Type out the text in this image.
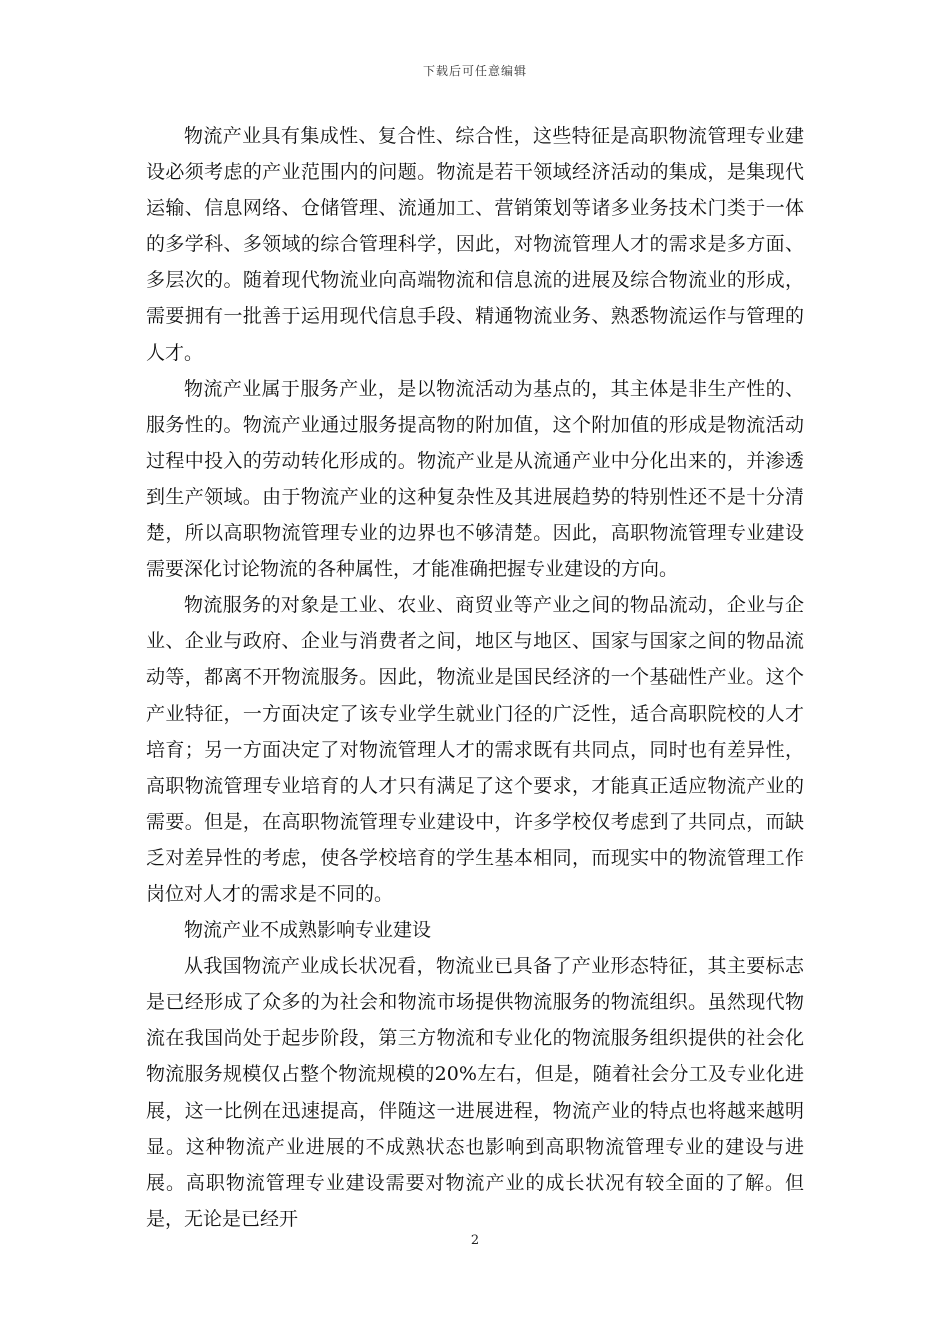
下载后可任意编辑

物流产业具有集成性、复合性、综合性，这些特征是高职物流管理专业建设必须考虑的产业范围内的问题。物流是若干领域经济活动的集成，是集现代运输、信息网络、仓储管理、流通加工、营销策划等诸多业务技术门类于一体的多学科、多领域的综合管理科学，因此，对物流管理人才的需求是多方面、多层次的。随着现代物流业向高端物流和信息流的进展及综合物流业的形成，需要拥有一批善于运用现代信息手段、精通物流业务、熟悉物流运作与管理的人才。

物流产业属于服务产业，是以物流活动为基点的，其主体是非生产性的、服务性的。物流产业通过服务提高物的附加值，这个附加值的形成是物流活动过程中投入的劳动转化形成的。物流产业是从流通产业中分化出来的，并渗透到生产领域。由于物流产业的这种复杂性及其进展趋势的特别性还不是十分清楚，所以高职物流管理专业的边界也不够清楚。因此，高职物流管理专业建设需要深化讨论物流的各种属性，才能准确把握专业建设的方向。

物流服务的对象是工业、农业、商贸业等产业之间的物品流动，企业与企业、企业与政府、企业与消费者之间，地区与地区、国家与国家之间的物品流动等，都离不开物流服务。因此，物流业是国民经济的一个基础性产业。这个产业特征，一方面决定了该专业学生就业门径的广泛性，适合高职院校的人才培育；另一方面决定了对物流管理人才的需求既有共同点，同时也有差异性，高职物流管理专业培育的人才只有满足了这个要求，才能真正适应物流产业的需要。但是，在高职物流管理专业建设中，许多学校仅考虑到了共同点，而缺乏对差异性的考虑，使各学校培育的学生基本相同，而现实中的物流管理工作岗位对人才的需求是不同的。

物流产业不成熟影响专业建设

从我国物流产业成长状况看，物流业已具备了产业形态特征，其主要标志是已经形成了众多的为社会和物流市场提供物流服务的物流组织。虽然现代物流在我国尚处于起步阶段，第三方物流和专业化的物流服务组织提供的社会化物流服务规模仅占整个物流规模的20%左右，但是，随着社会分工及专业化进展，这一比例在迅速提高，伴随这一进展进程，物流产业的特点也将越来越明显。这种物流产业进展的不成熟状态也影响到高职物流管理专业的建设与进展。高职物流管理专业建设需要对物流产业的成长状况有较全面的了解。但是，无论是已经开

2
